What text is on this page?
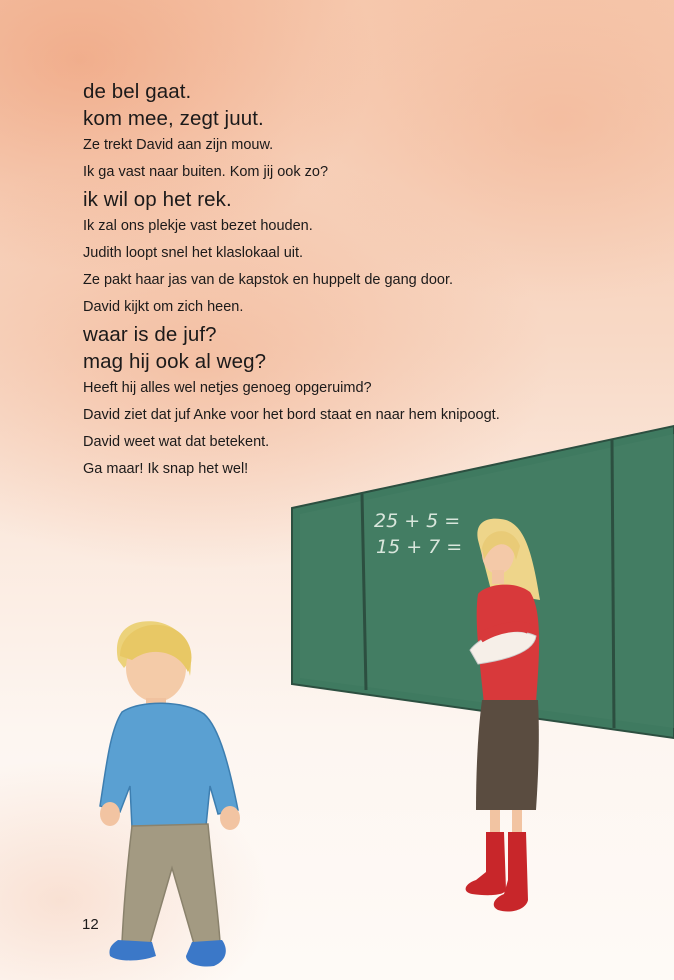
25 + 5 =
15 + 7 =
de bel gaat.
kom mee, zegt juut.
Ze trekt David aan zijn mouw.
Ik ga vast naar buiten. Kom jij ook zo?
ik wil op het rek.
Ik zal ons plekje vast bezet houden.
Judith loopt snel het klaslokaal uit.
Ze pakt haar jas van de kapstok en huppelt de gang door.
David kijkt om zich heen.
waar is de juf?
mag hij ook al weg?
Heeft hij alles wel netjes genoeg opgeruimd?
David ziet dat juf Anke voor het bord staat en naar hem knipoogt.
David weet wat dat betekent.
Ga maar! Ik snap het wel!
12
